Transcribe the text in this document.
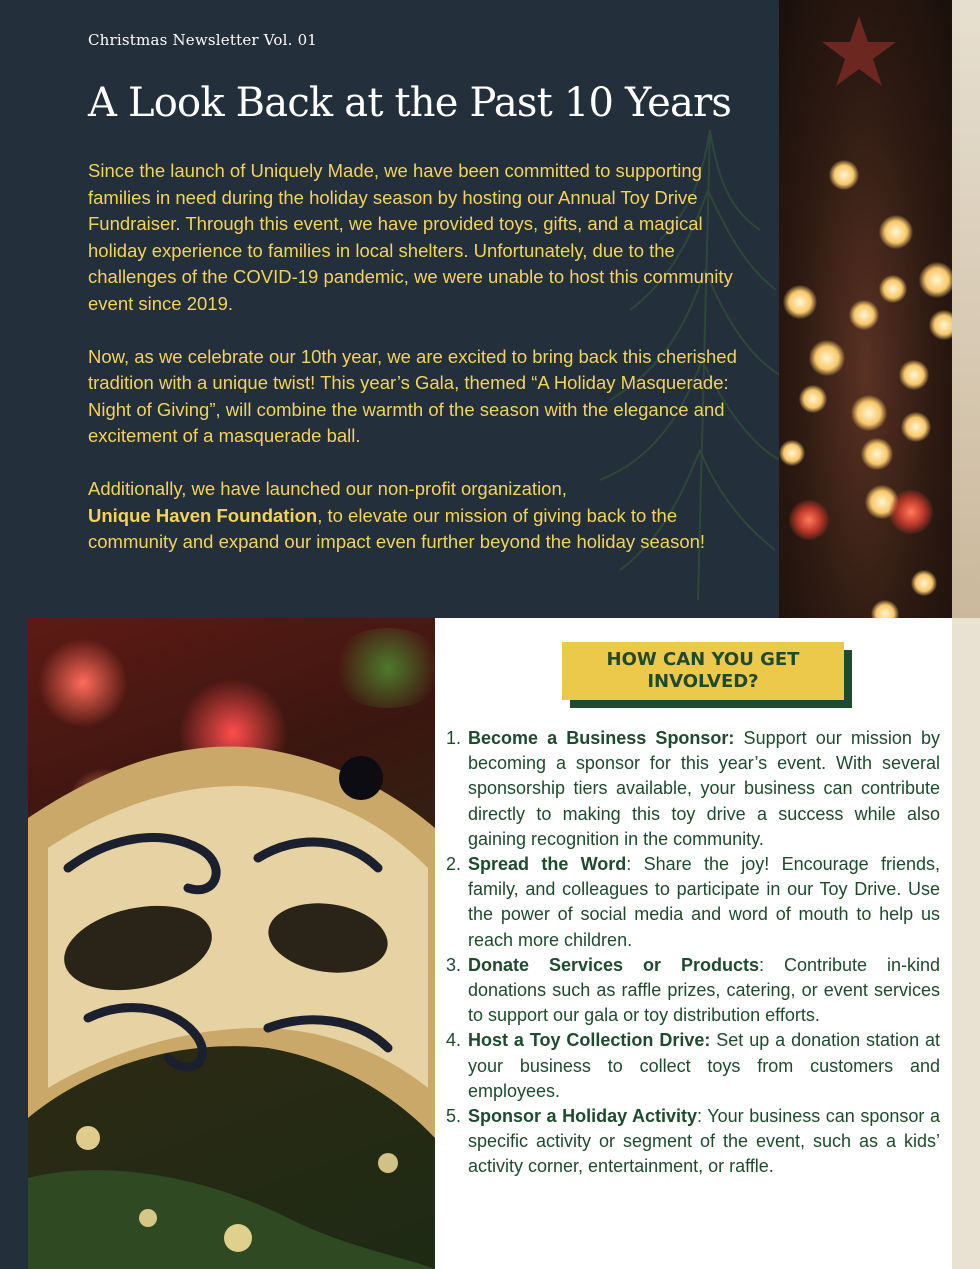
Christmas Newsletter Vol. 01
A Look Back at the Past 10 Years

Since the launch of Uniquely Made, we have been committed to supporting families in need during the holiday season by hosting our Annual Toy Drive Fundraiser. Through this event, we have provided toys, gifts, and a magical holiday experience to families in local shelters. Unfortunately, due to the challenges of the COVID-19 pandemic, we were unable to host this community event since 2019.

Now, as we celebrate our 10th year, we are excited to bring back this cherished tradition with a unique twist! This year’s Gala, themed “A Holiday Masquerade: Night of Giving”, will combine the warmth of the season with the elegance and excitement of a masquerade ball.

Additionally, we have launched our non-profit organization,
Unique Haven Foundation, to elevate our mission of giving back to the community and expand our impact even further beyond the holiday season!

HOW CAN YOU GET
INVOLVED?
1. Become a Business Sponsor: Support our mission by becoming a sponsor for this year’s event. With several sponsorship tiers available, your business can contribute directly to making this toy drive a success while also gaining recognition in the community.
2. Spread the Word: Share the joy! Encourage friends, family, and colleagues to participate in our Toy Drive. Use the power of social media and word of mouth to help us reach more children.
3. Donate Services or Products: Contribute in-kind donations such as raffle prizes, catering, or event services to support our gala or toy distribution efforts.
4. Host a Toy Collection Drive: Set up a donation station at your business to collect toys from customers and employees.
5. Sponsor a Holiday Activity: Your business can sponsor a specific activity or segment of the event, such as a kids’ activity corner, entertainment, or raffle.
